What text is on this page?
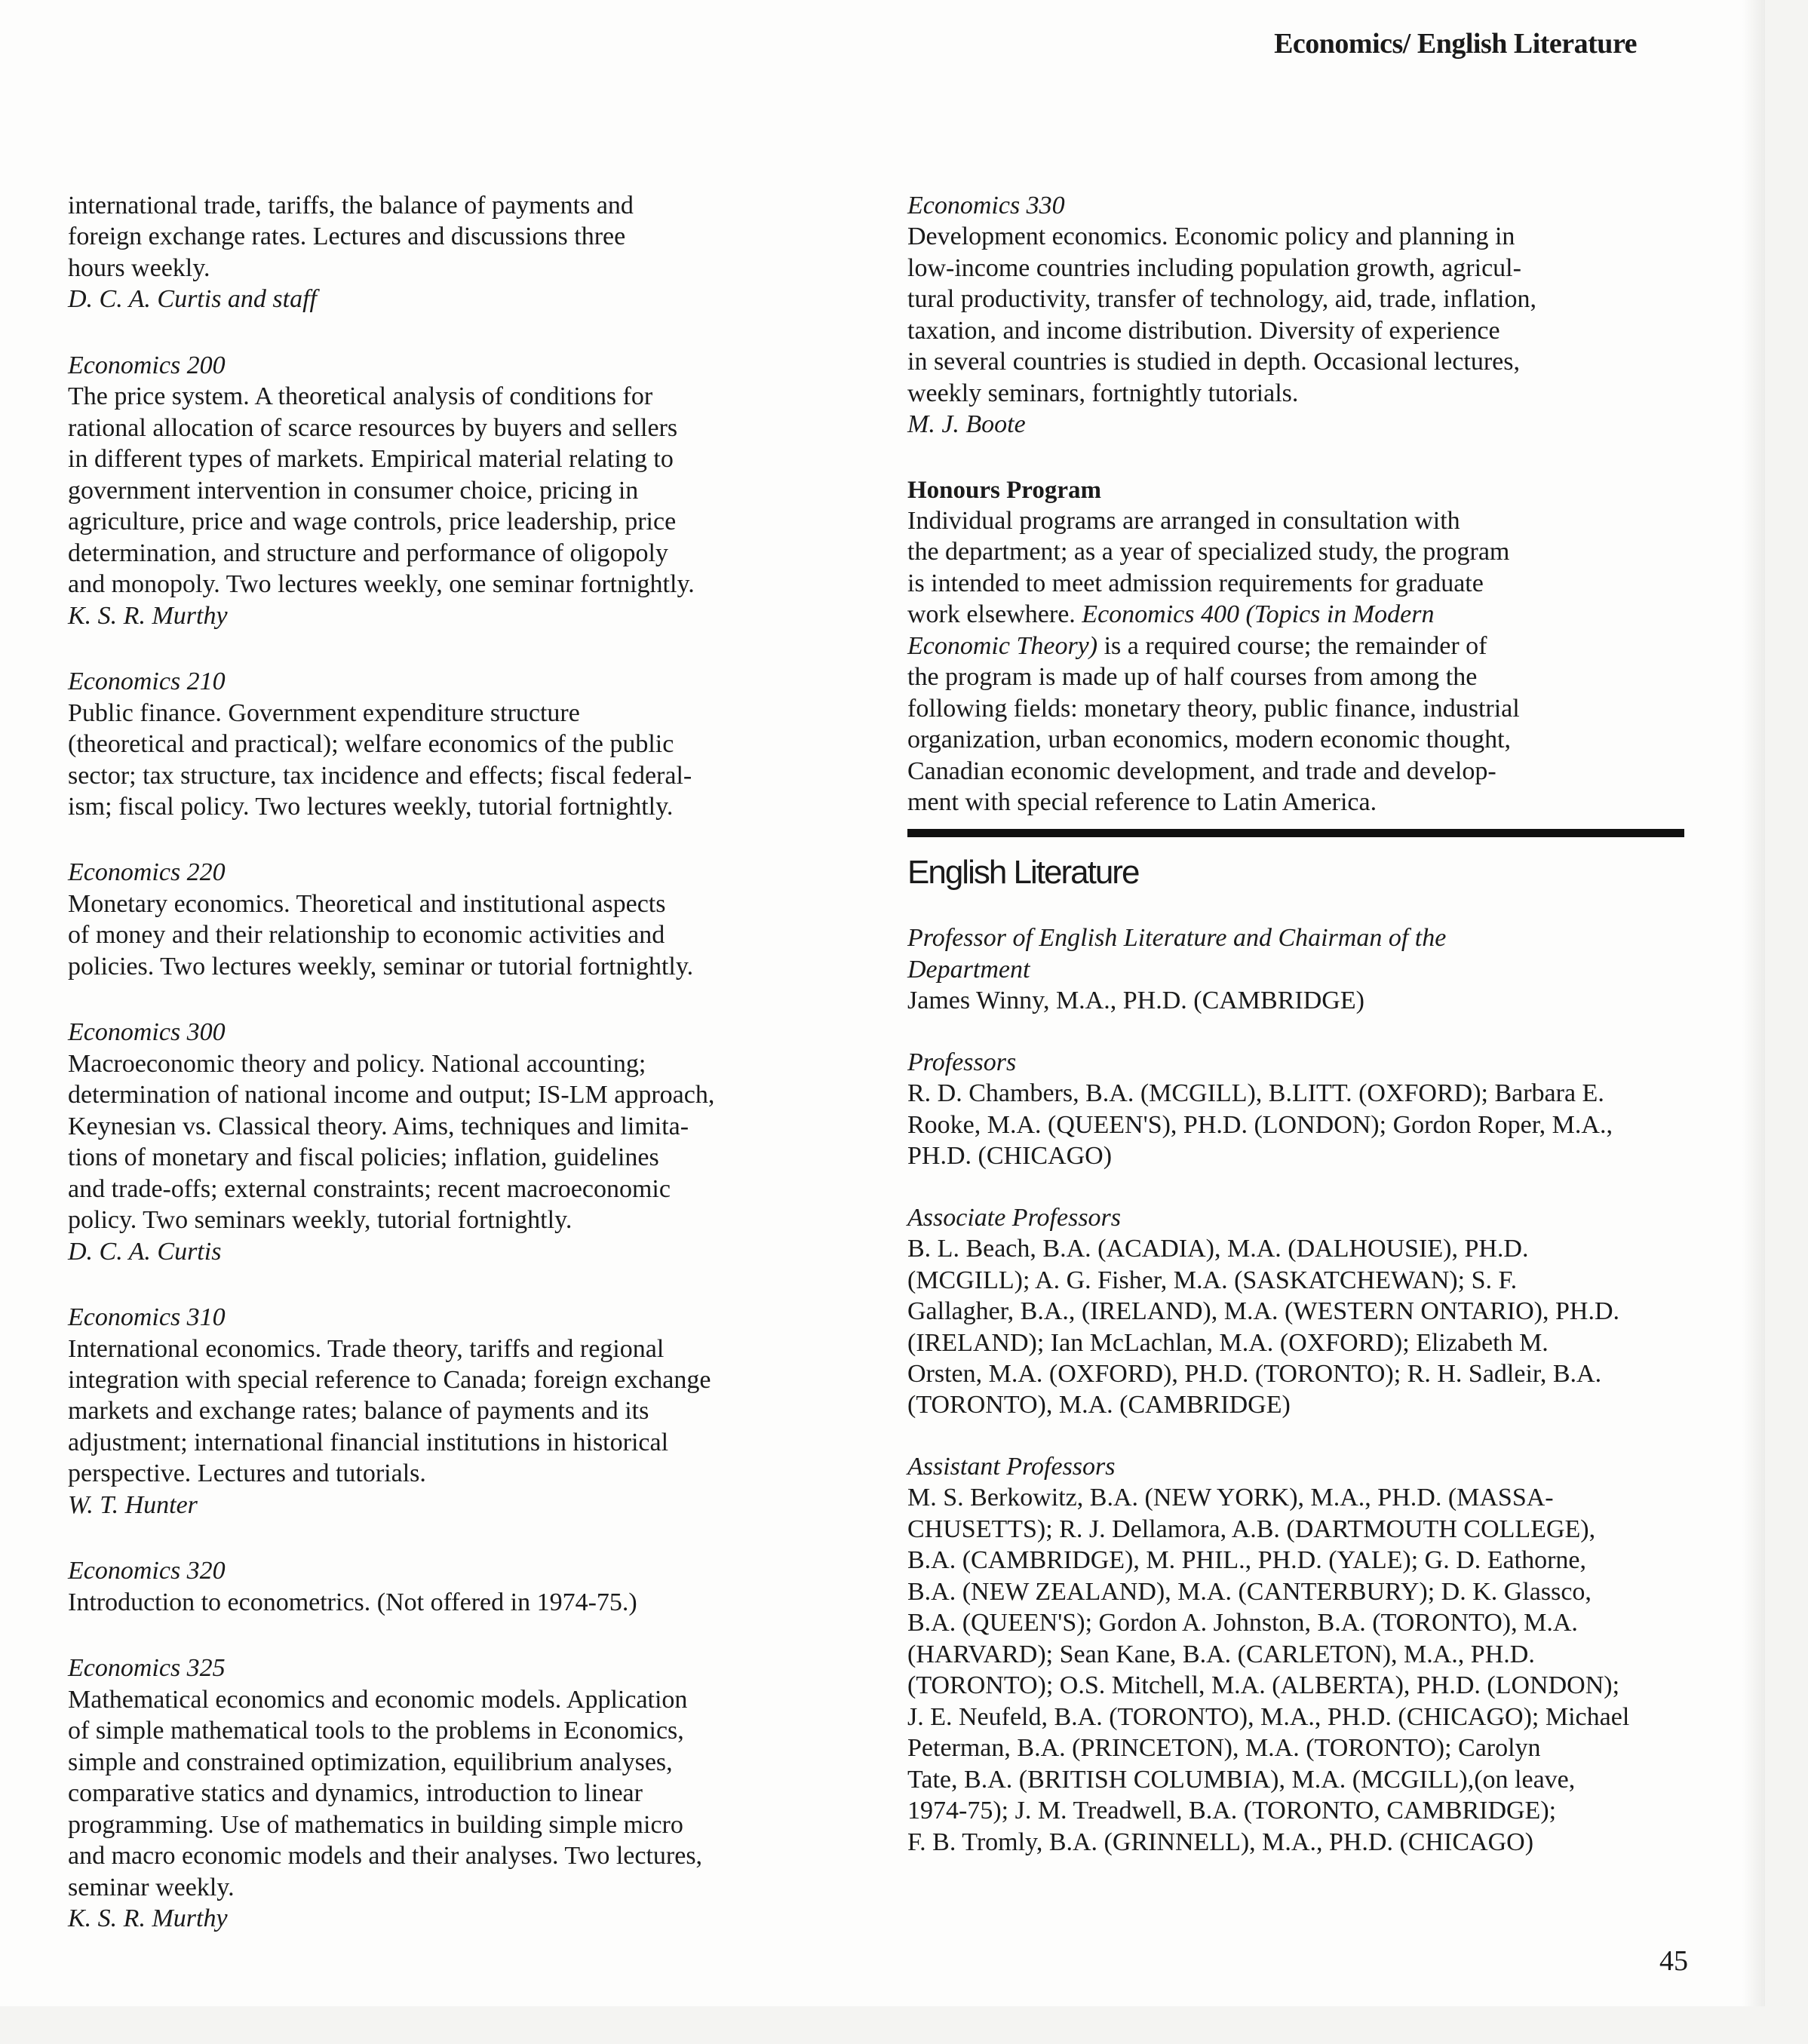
Economics/ English Literature
international trade, tariffs, the balance of payments and
foreign exchange rates. Lectures and discussions three
hours weekly.
D. C. A. Curtis and staff
Economics 200
The price system. A theoretical analysis of conditions for
rational allocation of scarce resources by buyers and sellers
in different types of markets. Empirical material relating to
government intervention in consumer choice, pricing in
agriculture, price and wage controls, price leadership, price
determination, and structure and performance of oligopoly
and monopoly. Two lectures weekly, one seminar fortnightly.
K. S. R. Murthy
Economics 210
Public finance. Government expenditure structure
(theoretical and practical); welfare economics of the public
sector; tax structure, tax incidence and effects; fiscal federal-
ism; fiscal policy. Two lectures weekly, tutorial fortnightly.
Economics 220
Monetary economics. Theoretical and institutional aspects
of money and their relationship to economic activities and
policies. Two lectures weekly, seminar or tutorial fortnightly.
Economics 300
Macroeconomic theory and policy. National accounting;
determination of national income and output; IS-LM approach,
Keynesian vs. Classical theory. Aims, techniques and limita-
tions of monetary and fiscal policies; inflation, guidelines
and trade-offs; external constraints; recent macroeconomic
policy. Two seminars weekly, tutorial fortnightly.
D. C. A. Curtis
Economics 310
International economics. Trade theory, tariffs and regional
integration with special reference to Canada; foreign exchange
markets and exchange rates; balance of payments and its
adjustment; international financial institutions in historical
perspective. Lectures and tutorials.
W. T. Hunter
Economics 320
Introduction to econometrics. (Not offered in 1974-75.)
Economics 325
Mathematical economics and economic models. Application
of simple mathematical tools to the problems in Economics,
simple and constrained optimization, equilibrium analyses,
comparative statics and dynamics, introduction to linear
programming. Use of mathematics in building simple micro
and macro economic models and their analyses. Two lectures,
seminar weekly.
K. S. R. Murthy
Economics 330
Development economics. Economic policy and planning in
low-income countries including population growth, agricul-
tural productivity, transfer of technology, aid, trade, inflation,
taxation, and income distribution. Diversity of experience
in several countries is studied in depth. Occasional lectures,
weekly seminars, fortnightly tutorials.
M. J. Boote
Honours Program
Individual programs are arranged in consultation with
the department; as a year of specialized study, the program
is intended to meet admission requirements for graduate
work elsewhere. Economics 400 (Topics in Modern
Economic Theory) is a required course; the remainder of
the program is made up of half courses from among the
following fields: monetary theory, public finance, industrial
organization, urban economics, modern economic thought,
Canadian economic development, and trade and develop-
ment with special reference to Latin America.
English Literature
Professor of English Literature and Chairman of the
Department
James Winny, M.A., PH.D. (CAMBRIDGE)
Professors
R. D. Chambers, B.A. (MCGILL), B.LITT. (OXFORD); Barbara E.
Rooke, M.A. (QUEEN'S), PH.D. (LONDON); Gordon Roper, M.A.,
PH.D. (CHICAGO)
Associate Professors
B. L. Beach, B.A. (ACADIA), M.A. (DALHOUSIE), PH.D.
(MCGILL); A. G. Fisher, M.A. (SASKATCHEWAN); S. F.
Gallagher, B.A., (IRELAND), M.A. (WESTERN ONTARIO), PH.D.
(IRELAND); Ian McLachlan, M.A. (OXFORD); Elizabeth M.
Orsten, M.A. (OXFORD), PH.D. (TORONTO); R. H. Sadleir, B.A.
(TORONTO), M.A. (CAMBRIDGE)
Assistant Professors
M. S. Berkowitz, B.A. (NEW YORK), M.A., PH.D. (MASSA-
CHUSETTS); R. J. Dellamora, A.B. (DARTMOUTH COLLEGE),
B.A. (CAMBRIDGE), M. PHIL., PH.D. (YALE); G. D. Eathorne,
B.A. (NEW ZEALAND), M.A. (CANTERBURY); D. K. Glassco,
B.A. (QUEEN'S); Gordon A. Johnston, B.A. (TORONTO), M.A.
(HARVARD); Sean Kane, B.A. (CARLETON), M.A., PH.D.
(TORONTO); O.S. Mitchell, M.A. (ALBERTA), PH.D. (LONDON);
J. E. Neufeld, B.A. (TORONTO), M.A., PH.D. (CHICAGO); Michael
Peterman, B.A. (PRINCETON), M.A. (TORONTO); Carolyn
Tate, B.A. (BRITISH COLUMBIA), M.A. (MCGILL),(on leave,
1974-75); J. M. Treadwell, B.A. (TORONTO, CAMBRIDGE);
F. B. Tromly, B.A. (GRINNELL), M.A., PH.D. (CHICAGO)
45
